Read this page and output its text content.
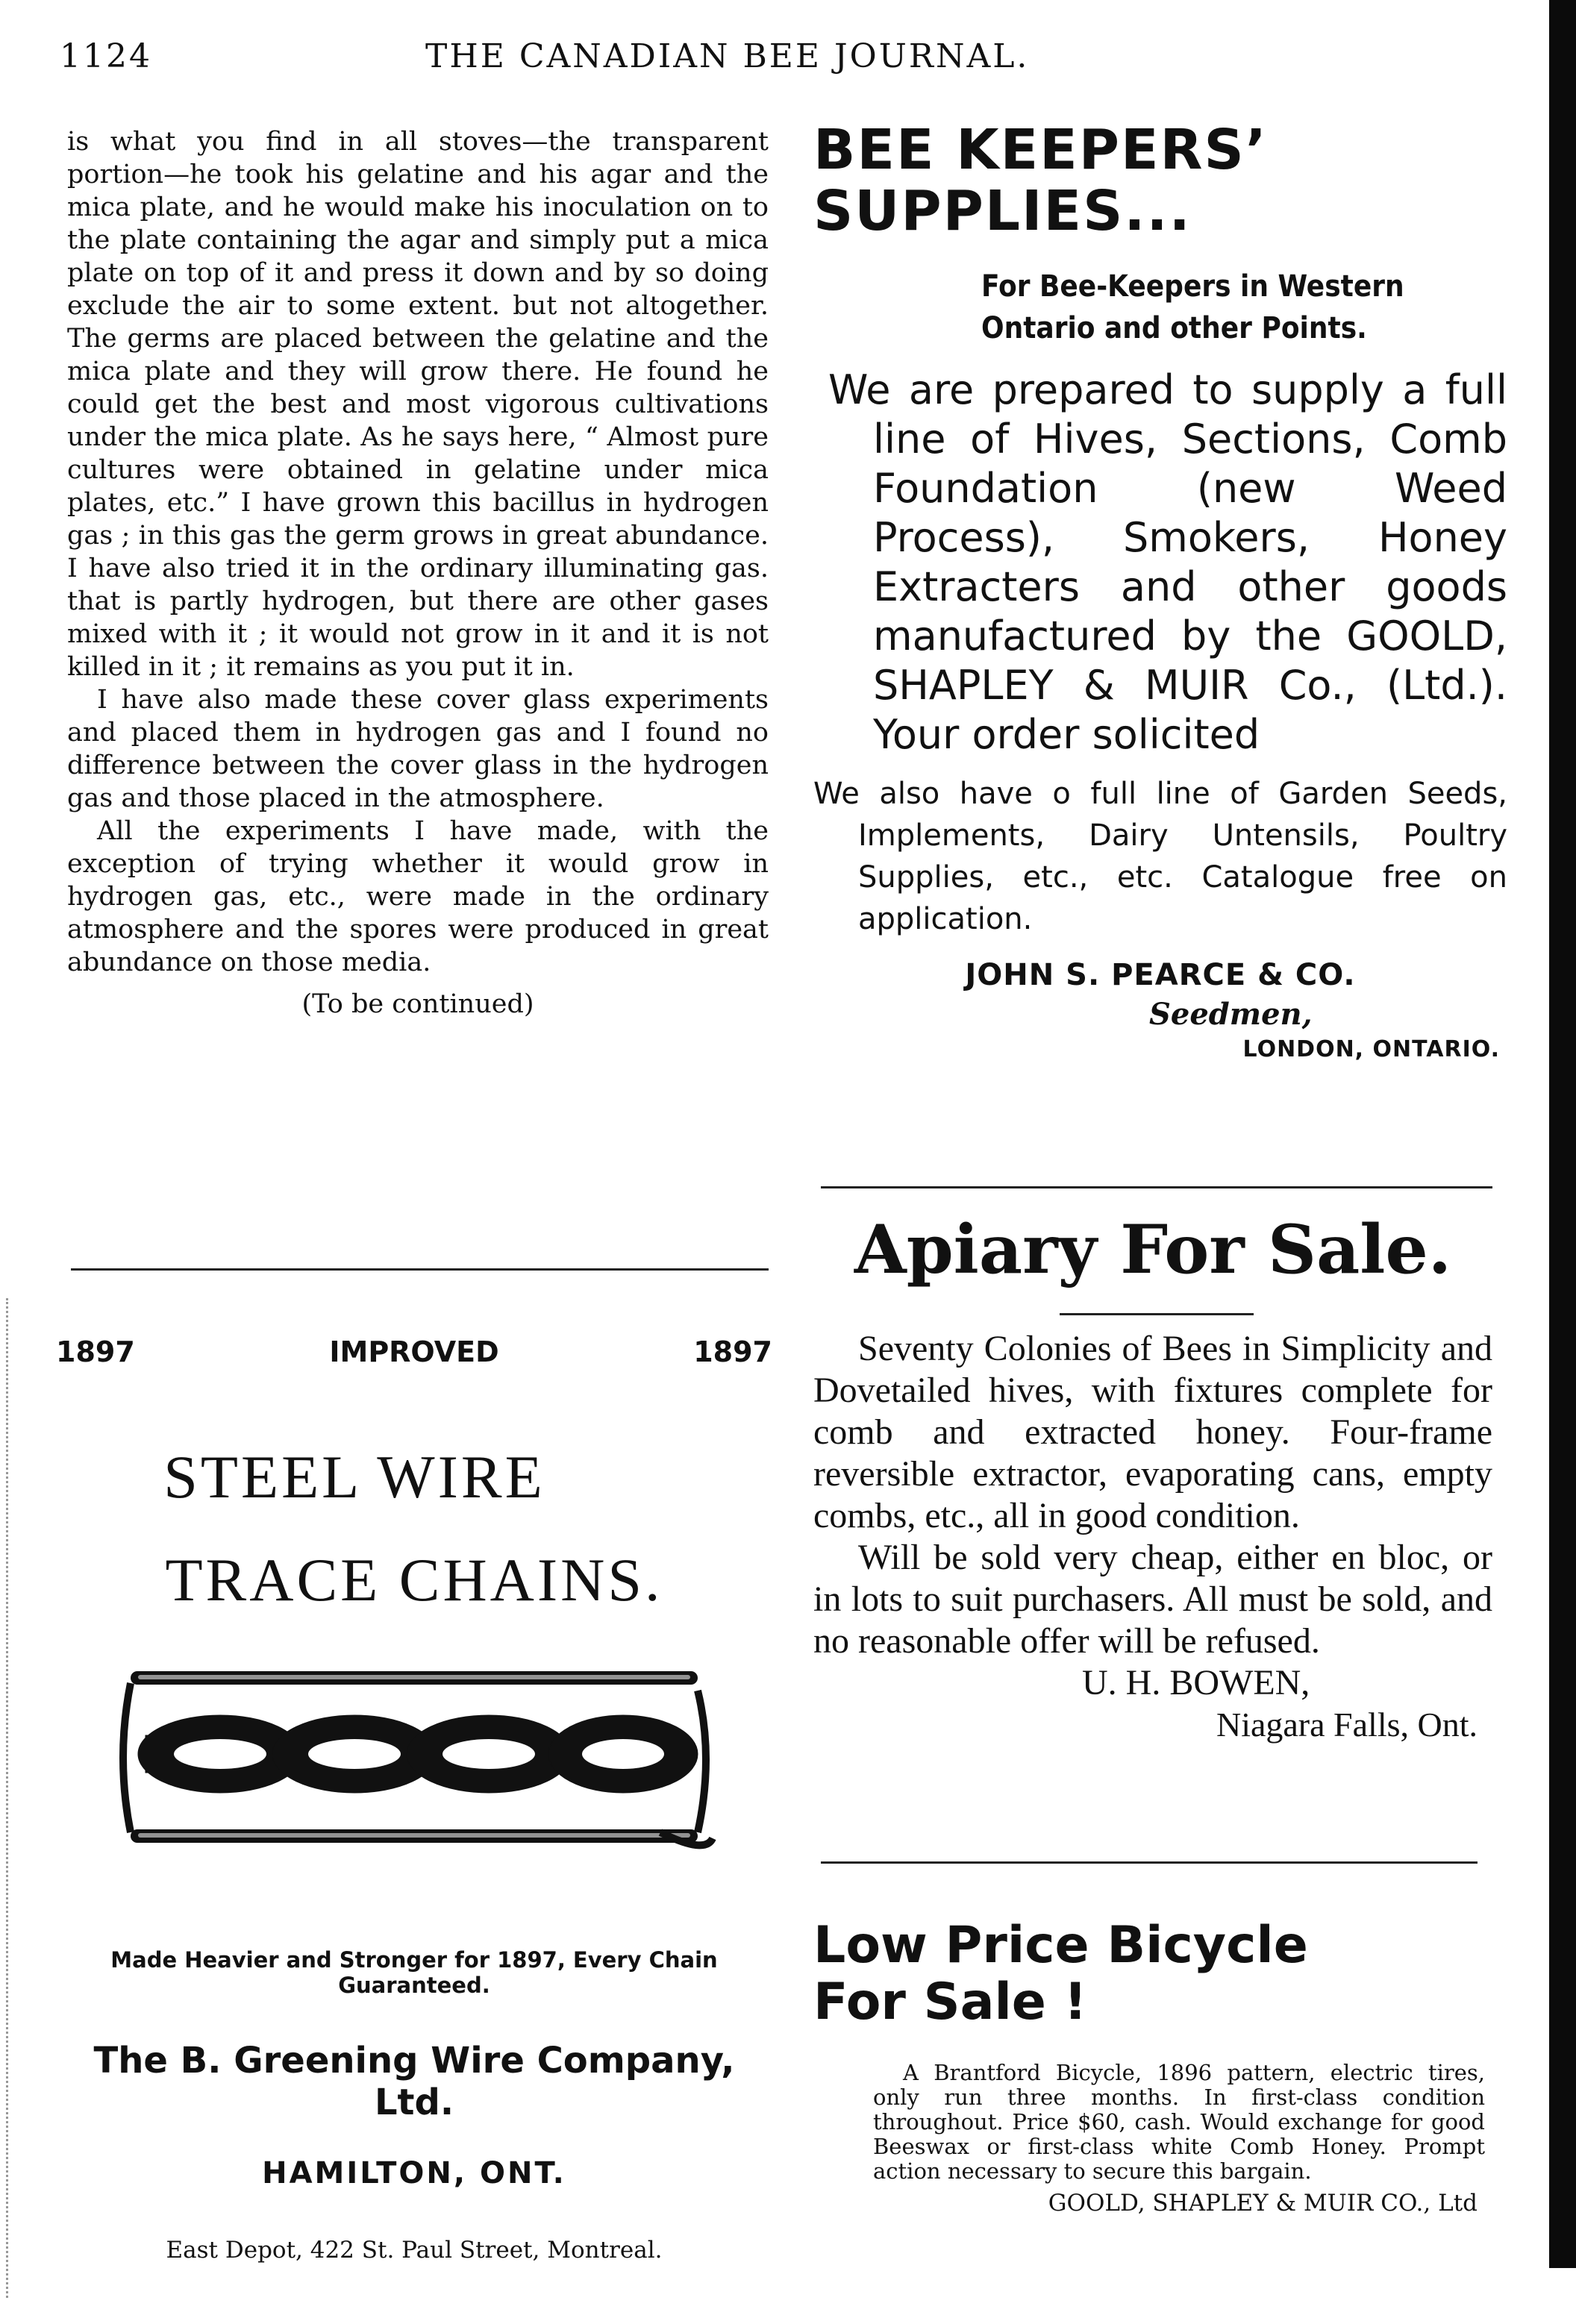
1124	THE CANADIAN BEE JOURNAL.

is what you find in all stoves—the transparent portion—he took his gelatine and his agar and the mica plate, and he would make his inoculation on to the plate containing the agar and simply put a mica plate on top of it and press it down and by so doing exclude the air to some extent. but not altogether. The germs are placed between the gelatine and the mica plate and they will grow there. He found he could get the best and most vigorous cultivations under the mica plate. As he says here, “ Almost pure cultures were obtained in gelatine under mica plates, etc.” I have grown this bacillus in hydrogen gas ; in this gas the germ grows in great abundance. I have also tried it in the ordinary illuminating gas. that is partly hydrogen, but there are other gases mixed with it ; it would not grow in it and it is not killed in it ; it remains as you put it in.

I have also made these cover glass experiments and placed them in hydrogen gas and I found no difference between the cover glass in the hydrogen gas and those placed in the atmosphere.

All the experiments I have made, with the exception of trying whether it would grow in hydrogen gas, etc., were made in the ordinary atmosphere and the spores were produced in great abundance on those media.

(To be continued)
1897	IMPROVED	1897
STEEL WIRE
TRACE CHAINS.
Made Heavier and Stronger for 1897, Every Chain Guaranteed.
The B. Greening Wire Company, Ltd.
HAMILTON, ONT.
East Depot, 422 St. Paul Street, Montreal.
BEE KEEPERS’ SUPPLIES...
For Bee-Keepers in Western Ontario and other Points.
We are prepared to supply a full line of Hives, Sections, Comb Foundation (new Weed Process), Smokers, Honey Extracters and other goods manufactured by the GOOLD, SHAPLEY & MUIR Co., (Ltd.). Your order solicited
We also have o full line of Garden Seeds, Implements, Dairy Untensils, Poultry Supplies, etc., etc. Catalogue free on application.
JOHN S. PEARCE & CO.
Seedmen,
LONDON, ONTARIO.
Apiary For Sale.

Seventy Colonies of Bees in Simplicity and Dovetailed hives, with fixtures complete for comb and extracted honey. Four-frame reversible extractor, evaporating cans, empty combs, etc., all in good condition.

Will be sold very cheap, either en bloc, or in lots to suit purchasers. All must be sold, and no reasonable offer will be refused.

U. H. BOWEN,
Niagara Falls, Ont.
Low Price Bicycle
For Sale !
A Brantford Bicycle, 1896 pattern, electric tires, only run three months. In first-class condition throughout. Price $60, cash. Would exchange for good Beeswax or first-class white Comb Honey. Prompt action necessary to secure this bargain.
GOOLD, SHAPLEY & MUIR CO., Ltd
